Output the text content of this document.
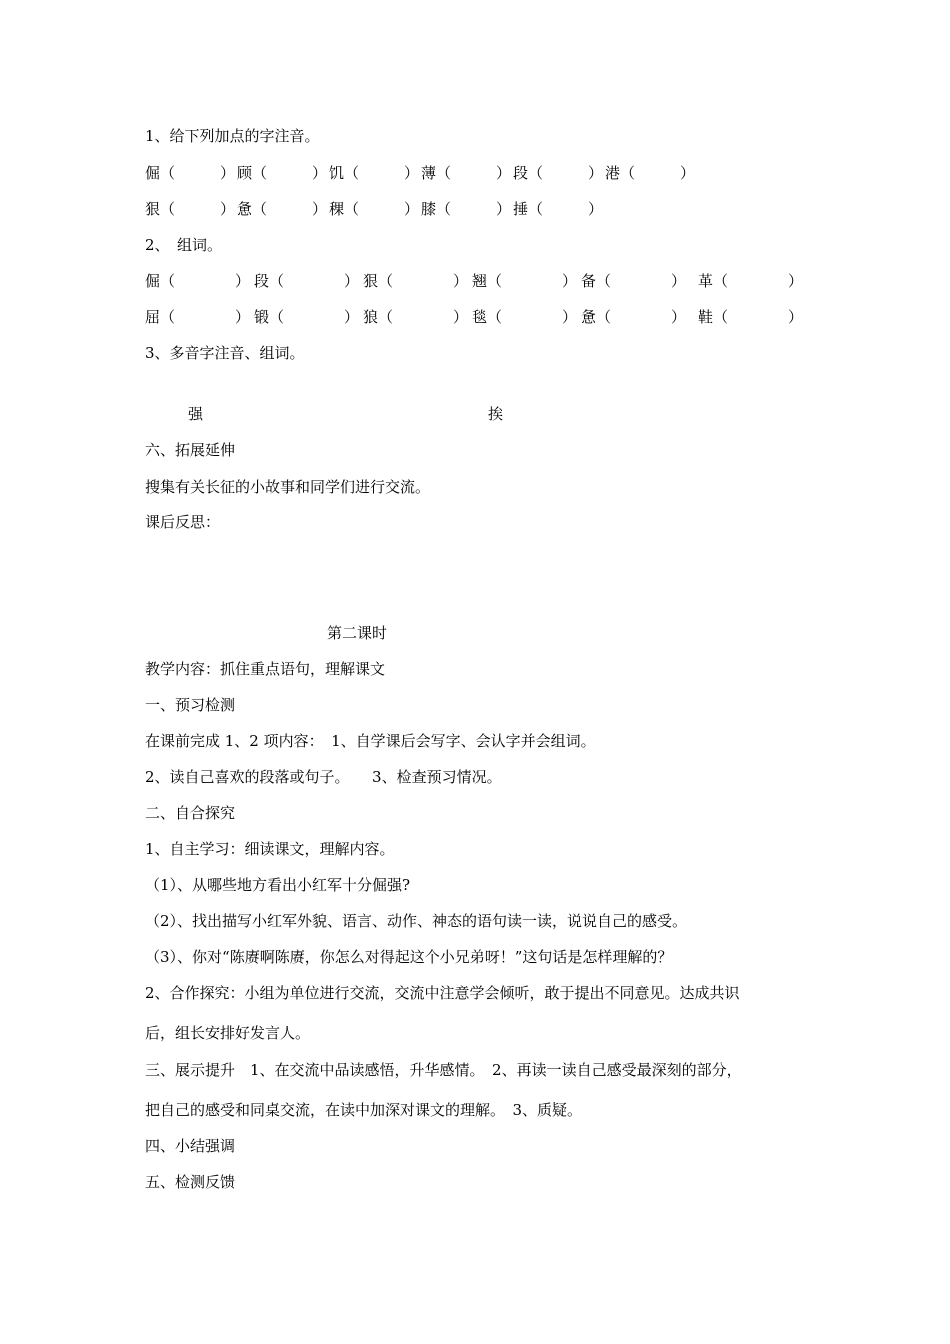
1、给下列加点的字注音。
倔（　　　） 顾（　　　） 饥（　　　） 薄（　　　） 段（　　　） 港（　　　）
狠（　　　） 惫（　　　） 稞（　　　） 膝（　　　） 捶（　　　）
2、　组词。
倔（　　　　） 段（　　　　） 狠（　　　　） 翘（　　　　） 备（　　　　） 革（　　　　）
屈（　　　　） 锻（　　　　） 狼（　　　　） 毯（　　　　） 惫（　　　　） 鞋（　　　　）
3、多音字注音、组词。
强	挨
六、拓展延伸
搜集有关长征的小故事和同学们进行交流。
课后反思：
第二课时
教学内容：抓住重点语句，理解课文
一、预习检测
在课前完成 1、2 项内容：　1、自学课后会写字、会认字并会组词。
2、读自己喜欢的段落或句子。　　3、检查预习情况。
二、自合探究
1、自主学习：细读课文，理解内容。
（1）、从哪些地方看出小红军十分倔强?
（2）、找出描写小红军外貌、语言、动作、神态的语句读一读，说说自己的感受。
（3）、你对“陈赓啊陈赓，你怎么对得起这个小兄弟呀！”这句话是怎样理解的？
2、合作探究：小组为单位进行交流，交流中注意学会倾听，敢于提出不同意见。达成共识
后，组长安排好发言人。
三、展示提升　1、在交流中品读感悟，升华感情。　2、再读一读自己感受最深刻的部分，
把自己的感受和同桌交流，在读中加深对课文的理解。　3、质疑。
四、小结强调
五、检测反馈
